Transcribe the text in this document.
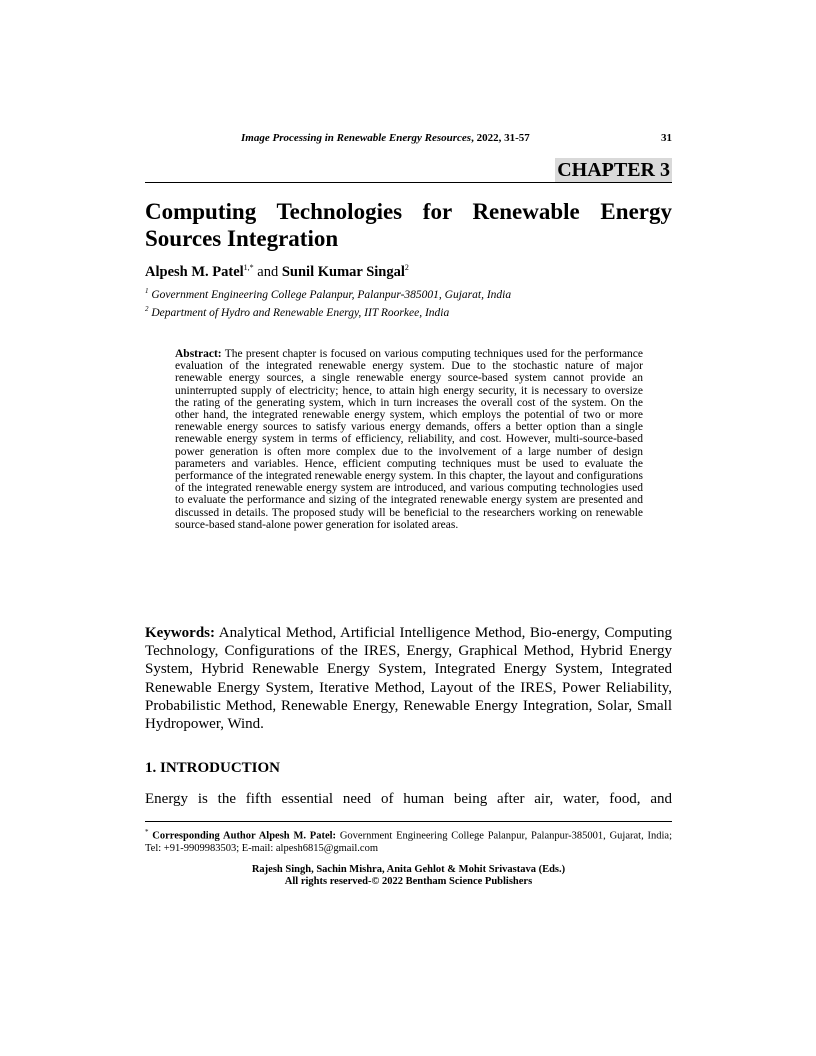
Image Processing in Renewable Energy Resources, 2022, 31-57	31
CHAPTER 3
Computing Technologies for Renewable Energy
Sources Integration
Alpesh M. Patel$^{1,*}$ and Sunil Kumar Singal$^2$
$^1$ Government Engineering College Palanpur, Palanpur-385001, Gujarat, India
$^2$ Department of Hydro and Renewable Energy, IIT Roorkee, India
Abstract: The present chapter is focused on various computing techniques used for the performance evaluation of the integrated renewable energy system. Due to the stochastic nature of major renewable energy sources, a single renewable energy source-based system cannot provide an uninterrupted supply of electricity; hence, to attain high energy security, it is necessary to oversize the rating of the generating system, which in turn increases the overall cost of the system. On the other hand, the integrated renewable energy system, which employs the potential of two or more renewable energy sources to satisfy various energy demands, offers a better option than a single renewable energy system in terms of efficiency, reliability, and cost. However, multi-source-based power generation is often more complex due to the involvement of a large number of design parameters and variables. Hence, efficient computing techniques must be used to evaluate the performance of the integrated renewable energy system. In this chapter, the layout and configurations of the integrated renewable energy system are introduced, and various computing technologies used to evaluate the performance and sizing of the integrated renewable energy system are presented and discussed in details. The proposed study will be beneficial to the researchers working on renewable source-based stand-alone power generation for isolated areas.
Keywords: Analytical Method, Artificial Intelligence Method, Bio-energy, Computing Technology, Configurations of the IRES, Energy, Graphical Method, Hybrid Energy System, Hybrid Renewable Energy System, Integrated Energy System, Integrated Renewable Energy System, Iterative Method, Layout of the IRES, Power Reliability, Probabilistic Method, Renewable Energy, Renewable Energy Integration, Solar, Small Hydropower, Wind.
1. INTRODUCTION
Energy is the fifth essential need of human being after air, water, food, and
* Corresponding Author Alpesh M. Patel: Government Engineering College Palanpur, Palanpur-385001, Gujarat, India; Tel: +91-9909983503; E-mail: alpesh6815@gmail.com
Rajesh Singh, Sachin Mishra, Anita Gehlot & Mohit Srivastava (Eds.)
All rights reserved-© 2022 Bentham Science Publishers
